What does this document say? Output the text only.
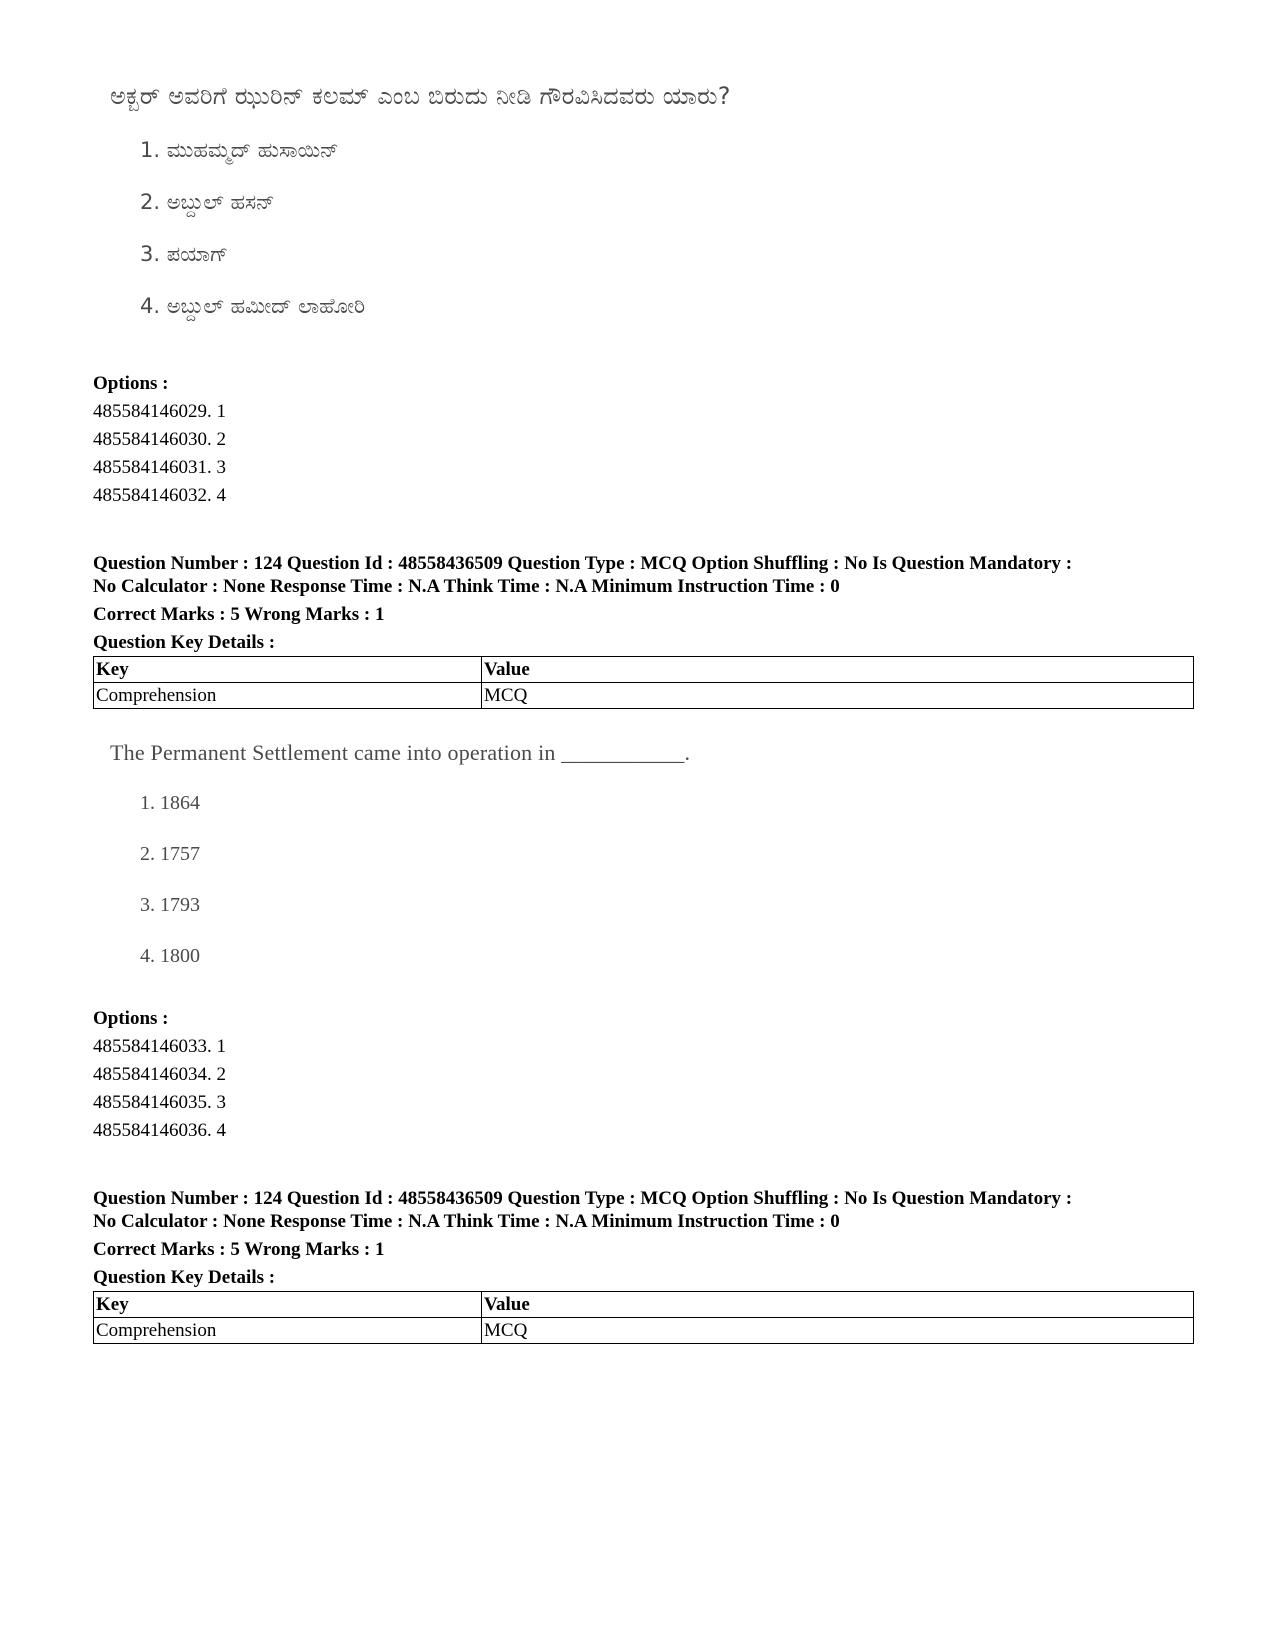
ಅಕ್ಬರ್ ಅವರಿಗೆ ಝುರಿನ್ ಕಲಮ್ ಎಂಬ ಬಿರುದು ನೀಡಿ ಗೌರವಿಸಿದವರು ಯಾರು?
1. ಮುಹಮ್ಮದ್ ಹುಸಾಯಿನ್
2. ಅಬ್ದುಲ್ ಹಸನ್
3. ಪಯಾಗ್
4. ಅಬ್ದುಲ್ ಹಮೀದ್ ಲಾಹೋರಿ
Options :
485584146029. 1
485584146030. 2
485584146031. 3
485584146032. 4
Question Number : 124 Question Id : 48558436509 Question Type : MCQ Option Shuffling : No Is Question Mandatory :
No Calculator : None Response Time : N.A Think Time : N.A Minimum Instruction Time : 0
Correct Marks : 5 Wrong Marks : 1
Question Key Details :
Key	Value
Comprehension	MCQ
The Permanent Settlement came into operation in ___________.
1. 1864
2. 1757
3. 1793
4. 1800
Options :
485584146033. 1
485584146034. 2
485584146035. 3
485584146036. 4
Question Number : 124 Question Id : 48558436509 Question Type : MCQ Option Shuffling : No Is Question Mandatory :
No Calculator : None Response Time : N.A Think Time : N.A Minimum Instruction Time : 0
Correct Marks : 5 Wrong Marks : 1
Question Key Details :
Key	Value
Comprehension	MCQ
